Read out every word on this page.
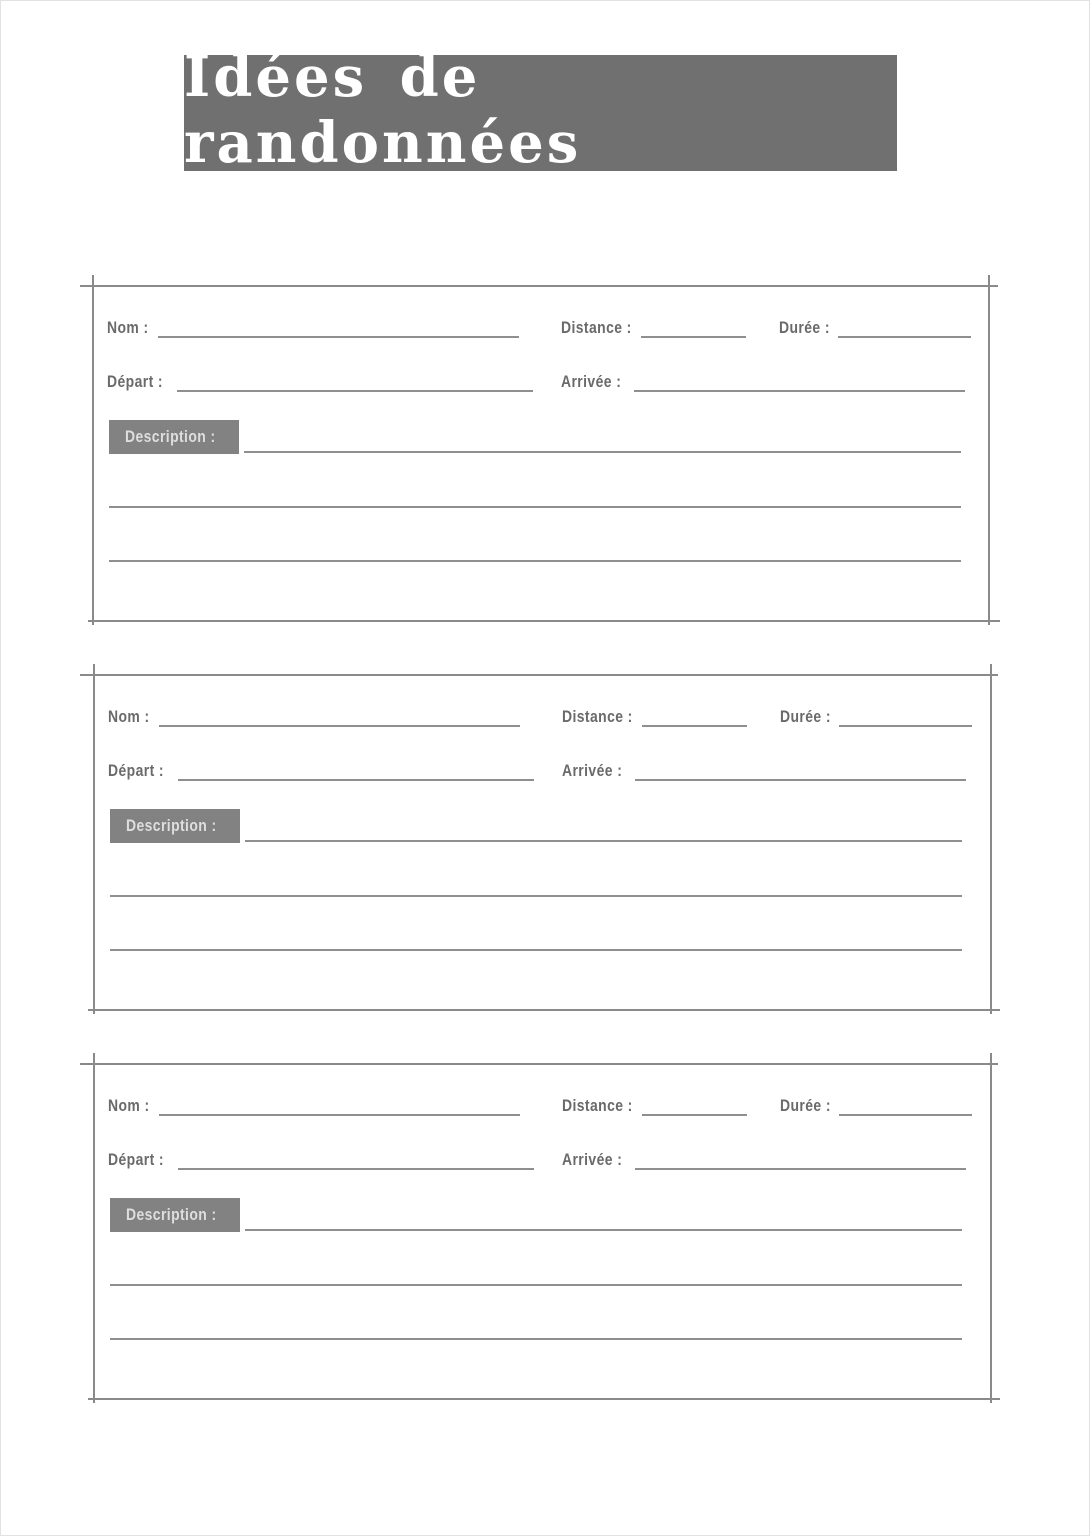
Idées de randonnées
Nom :	Distance :	Durée :
Départ :	Arrivée :
Description :
Nom :	Distance :	Durée :
Départ :	Arrivée :
Description :
Nom :	Distance :	Durée :
Départ :	Arrivée :
Description :
